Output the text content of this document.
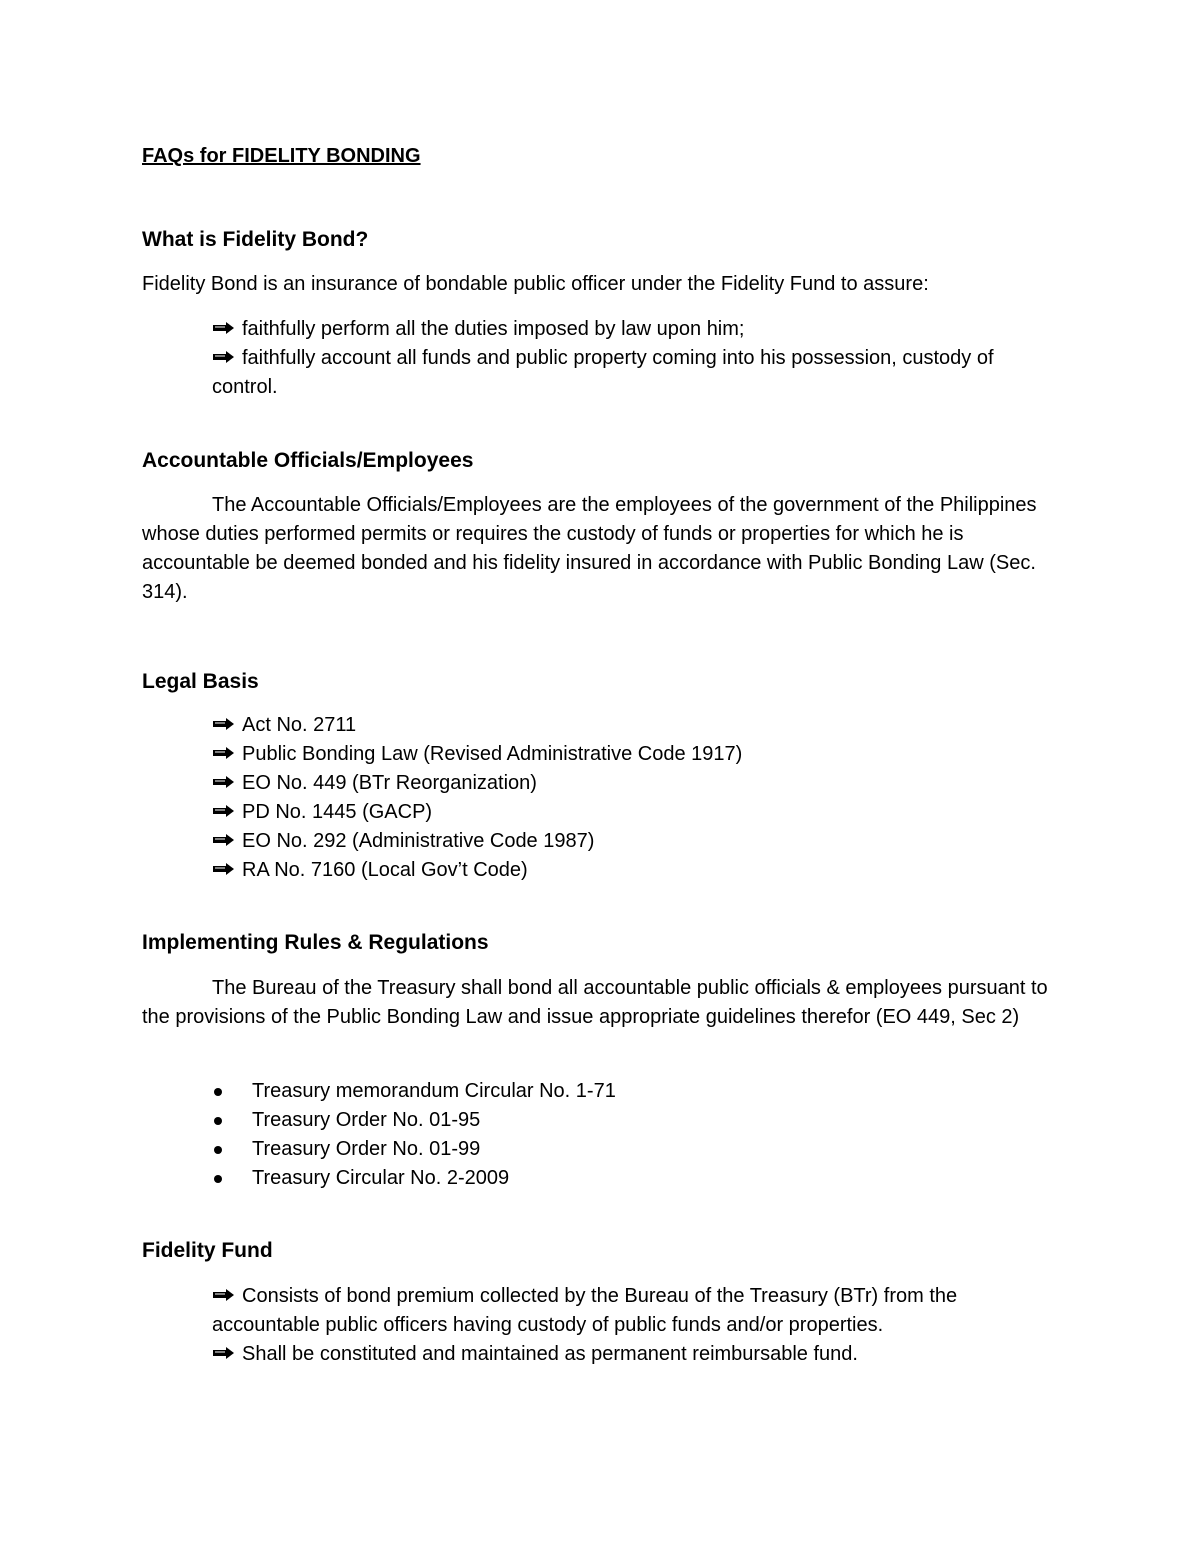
FAQs for FIDELITY BONDING
What is Fidelity Bond?

Fidelity Bond is an insurance of bondable public officer under the Fidelity Fund to assure:

faithfully perform all the duties imposed by law upon him;
faithfully account all funds and public property coming into his possession, custody of control.
Accountable Officials/Employees

The Accountable Officials/Employees are the employees of the government of the Philippines whose duties performed permits or requires the custody of funds or properties for which he is accountable be deemed bonded and his fidelity insured in accordance with Public Bonding Law (Sec. 314).

Legal Basis
Act No. 2711
Public Bonding Law (Revised Administrative Code 1917)
EO No. 449 (BTr Reorganization)
PD No. 1445 (GACP)
EO No. 292 (Administrative Code 1987)
RA No. 7160 (Local Gov’t Code)
Implementing Rules & Regulations

The Bureau of the Treasury shall bond all accountable public officials & employees pursuant to the provisions of the Public Bonding Law and issue appropriate guidelines therefor (EO 449, Sec 2)

Treasury memorandum Circular No. 1-71
Treasury Order No. 01-95
Treasury Order No. 01-99
Treasury Circular No. 2-2009
Fidelity Fund
Consists of bond premium collected by the Bureau of the Treasury (BTr) from the accountable public officers having custody of public funds and/or properties.
Shall be constituted and maintained as permanent reimbursable fund.
